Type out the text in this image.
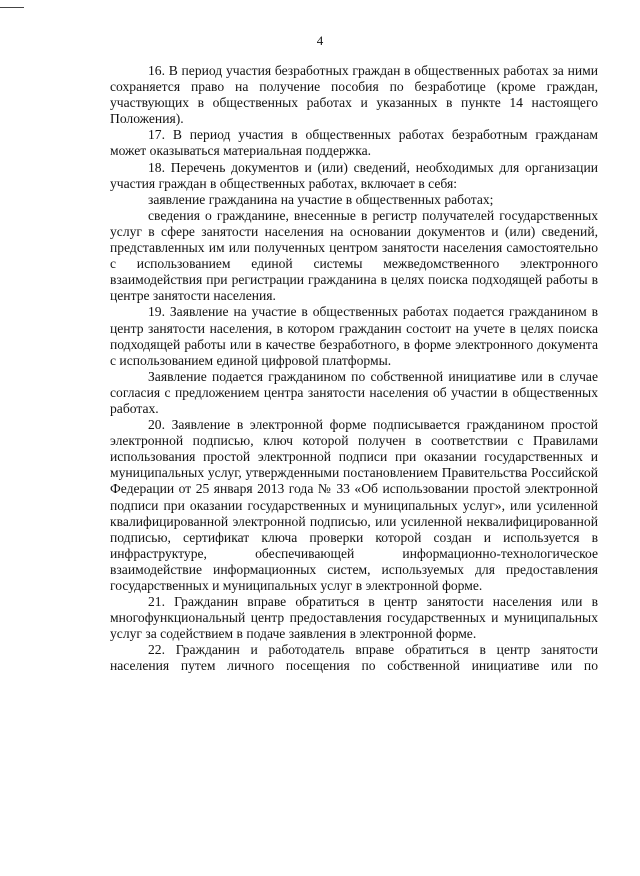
4

16. В период участия безработных граждан в общественных работах за ними сохраняется право на получение пособия по безработице (кроме граждан, участвующих в общественных работах и указанных в пункте 14 настоящего Положения).

17. В период участия в общественных работах безработным гражданам может оказываться материальная поддержка.

18. Перечень документов и (или) сведений, необходимых для организации участия граждан в общественных работах, включает в себя:

заявление гражданина на участие в общественных работах;

сведения о гражданине, внесенные в регистр получателей государственных услуг в сфере занятости населения на основании документов и (или) сведений, представленных им или полученных центром занятости населения самостоятельно с использованием единой системы межведомственного электронного взаимодействия при регистрации гражданина в целях поиска подходящей работы в центре занятости населения.

19. Заявление на участие в общественных работах подается гражданином в центр занятости населения, в котором гражданин состоит на учете в целях поиска подходящей работы или в качестве безработного, в форме электронного документа с использованием единой цифровой платформы.

Заявление подается гражданином по собственной инициативе или в случае согласия с предложением центра занятости населения об участии в общественных работах.

20. Заявление в электронной форме подписывается гражданином простой электронной подписью, ключ которой получен в соответствии с Правилами использования простой электронной подписи при оказании государственных и муниципальных услуг, утвержденными постановлением Правительства Российской Федерации от 25 января 2013 года № 33 «Об использовании простой электронной подписи при оказании государственных и муниципальных услуг», или усиленной квалифицированной электронной подписью, или усиленной неквалифицированной подписью, сертификат ключа проверки которой создан и используется в инфраструктуре, обеспечивающей информационно-технологическое взаимодействие информационных систем, используемых для предоставления государственных и муниципальных услуг в электронной форме.

21. Гражданин вправе обратиться в центр занятости населения или в многофункциональный центр предоставления государственных и муниципальных услуг за содействием в подаче заявления в электронной форме.

22. Гражданин и работодатель вправе обратиться в центр занятости населения путем личного посещения по собственной инициативе или по
